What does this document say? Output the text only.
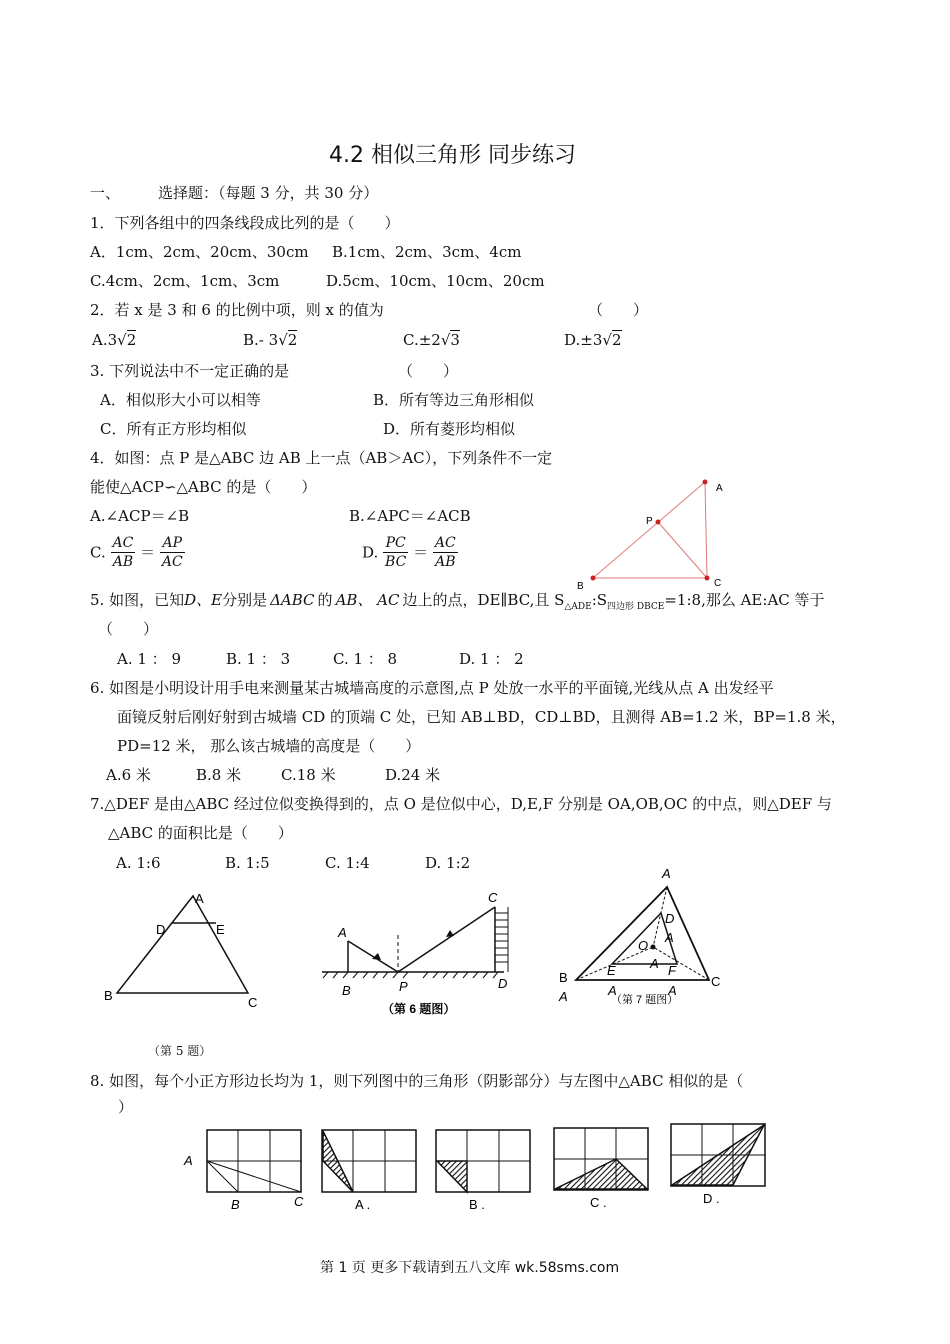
4.2 相似三角形 同步练习
一、	选择题：（每题 3 分，共 30 分）
1．下列各组中的四条线段成比列的是（　　）
A．1cm、2cm、20cm、30cm B.1cm、2cm、3cm、4cm
C.4cm、2cm、1cm、3cm	D.5cm、10cm、10cm、20cm
2．若 x 是 3 和 6 的比例中项，则 x 的值为	（　　）
A.3√2	B.- 3√2	C.±2√3	D.±3√2
3. 下列说法中不一定正确的是	（　　）
A．相似形大小可以相等	B．所有等边三角形相似
C．所有正方形均相似	D．所有菱形均相似
4．如图：点 P 是△ABC 边 AB 上一点（AB＞AC），下列条件不一定
能使△ACP∽△ABC 的是（　　）
A.∠ACP＝∠B	B.∠APC＝∠ACB
C. $\frac{AC}{AB} = \frac{AP}{AC}$	D. $\frac{PC}{BC} = \frac{AC}{AB}$
A
P
B	C
5. 如图，已知D、E分别是 ΔABC 的 AB、 AC 边上的点，DE∥BC,且 $S_{\triangle ADE}:S_{四边形 DBCE}=1:8$,那么 AE:AC 等于
（　　）
A. 1 ： 9	B. 1 ： 3	C. 1 ： 8	D. 1 ： 2
6. 如图是小明设计用手电来测量某古城墙高度的示意图,点 P 处放一水平的平面镜,光线从点 A 出发经平
面镜反射后刚好射到古城墙 CD 的顶端 C 处，已知 AB⊥BD，CD⊥BD，且测得 AB=1.2 米，BP=1.8 米，
PD=12 米， 那么该古城墙的高度是（　　）
A.6 米	B.8 米	C.18 米	D.24 米
7.△DEF 是由△ABC 经过位似变换得到的，点 O 是位似中心，D,E,F 分别是 OA,OB,OC 的中点，则△DEF 与
△ABC 的面积比是（　　）
A. 1:6	B. 1:5	C. 1:4	D. 1:2
A
D	E
B	C
（第 5 题）
A
B	P
C
D
（第 6 题图）
A
D
A
O
A
E	F
B	C
A	A	A
（第 7 题图）
8. 如图，每个小正方形边长均为 1，则下列图中的三角形（阴影部分）与左图中△ABC 相似的是（
）
A
B	C	A .	B .	C .	D .
第 1 页 更多下载请到五八文库 wk.58sms.com
